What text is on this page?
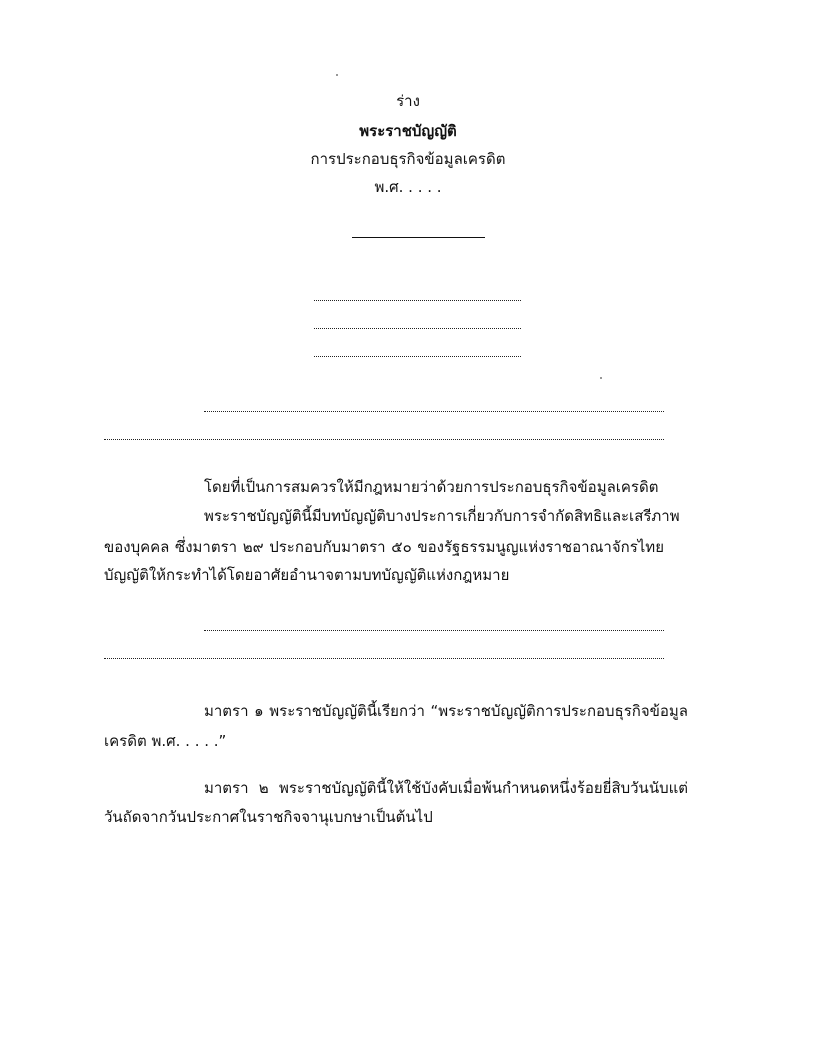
ร่าง
พระราชบัญญัติ
การประกอบธุรกิจข้อมูลเครดิต
พ.ศ. . . . .
โดยที่เป็นการสมควรให้มีกฎหมายว่าด้วยการประกอบธุรกิจข้อมูลเครดิต
พระราชบัญญัตินี้มีบทบัญญัติบางประการเกี่ยวกับการจำกัดสิทธิและเสรีภาพ
ของบุคคล ซึ่งมาตรา ๒๙ ประกอบกับมาตรา ๕๐ ของรัฐธรรมนูญแห่งราชอาณาจักรไทย
บัญญัติให้กระทำได้โดยอาศัยอำนาจตามบทบัญญัติแห่งกฎหมาย
มาตรา ๑ พระราชบัญญัตินี้เรียกว่า “พระราชบัญญัติการประกอบธุรกิจข้อมูล
เครดิต พ.ศ. . . . .”
มาตรา ๒ พระราชบัญญัตินี้ให้ใช้บังคับเมื่อพ้นกำหนดหนึ่งร้อยยี่สิบวันนับแต่
วันถัดจากวันประกาศในราชกิจจานุเบกษาเป็นต้นไป
